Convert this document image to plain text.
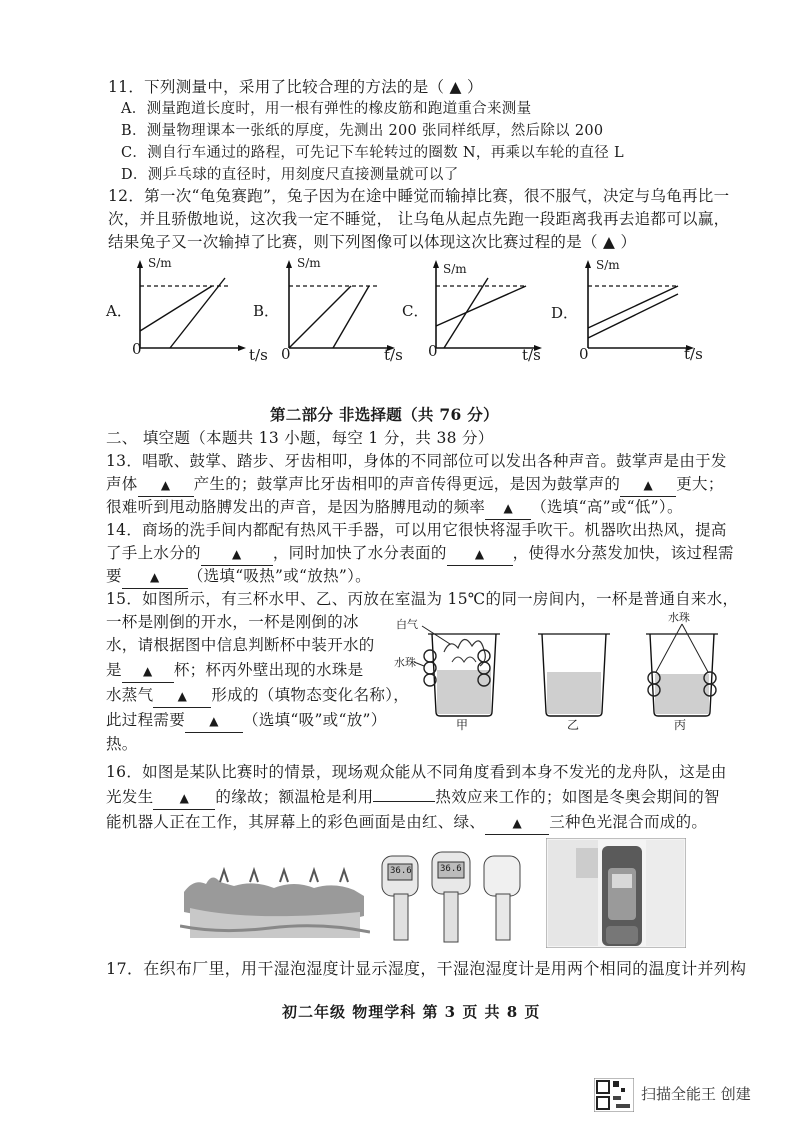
11．下列测量中，采用了比较合理的方法的是（ ▲ ）
A．测量跑道长度时，用一根有弹性的橡皮筋和跑道重合来测量
B．测量物理课本一张纸的厚度，先测出 200 张同样纸厚，然后除以 200
C．测自行车通过的路程，可先记下车轮转过的圈数 N，再乘以车轮的直径 L
D．测乒乓球的直径时，用刻度尺直接测量就可以了
12．第一次“龟兔赛跑”，兔子因为在途中睡觉而输掉比赛，很不服气，决定与乌龟再比一
次，并且骄傲地说，这次我一定不睡觉， 让乌龟从起点先跑一段距离我再去追都可以赢，
结果兔子又一次输掉了比赛，则下列图像可以体现这次比赛过程的是（ ▲ ）
A．
S/m
t/s
0
B．
S/m
t/s
0
C．
S/m
t/s
0
D．
S/m
t/s
0
第二部分 非选择题（共 76 分）
二、 填空题（本题共 13 小题，每空 1 分，共 38 分）
13．唱歌、鼓掌、踏步、牙齿相叩，身体的不同部位可以发出各种声音。鼓掌声是由于发
声体 ▲ 产生的；鼓掌声比牙齿相叩的声音传得更远，是因为鼓掌声的 ▲ 更大；
很难听到甩动胳膊发出的声音，是因为胳膊甩动的频率 ▲ （选填“高”或“低”）。
14．商场的洗手间内都配有热风干手器，可以用它很快将湿手吹干。机器吹出热风，提高
了手上水分的	▲ ，同时加快了水分表面的 ▲ ，使得水分蒸发加快，该过程需
要 ▲ （选填“吸热”或“放热”）。
15．如图所示，有三杯水甲、乙、丙放在室温为 15℃的同一房间内，一杯是普通自来水，
一杯是刚倒的开水，一杯是刚倒的冰
水，请根据图中信息判断杯中装开水的
是 ▲ 杯；杯丙外壁出现的水珠是
水蒸气 ▲ 形成的（填物态变化名称），
此过程需要 ▲ （选填“吸”或“放”）
热。
白气
水珠
水珠
甲	乙	丙
16．如图是某队比赛时的情景，现场观众能从不同角度看到本身不发光的龙舟队，这是由
光发生 ▲ 的缘故；额温枪是利用	热效应来工作的；如图是冬奥会期间的智
能机器人正在工作，其屏幕上的彩色画面是由红、绿、 ▲ 三种色光混合而成的。
36.6	36.6
17．在织布厂里，用干湿泡湿度计显示湿度，干湿泡湿度计是用两个相同的温度计并列构
初二年级 物理学科 第 3 页 共 8 页
扫描全能王 创建
